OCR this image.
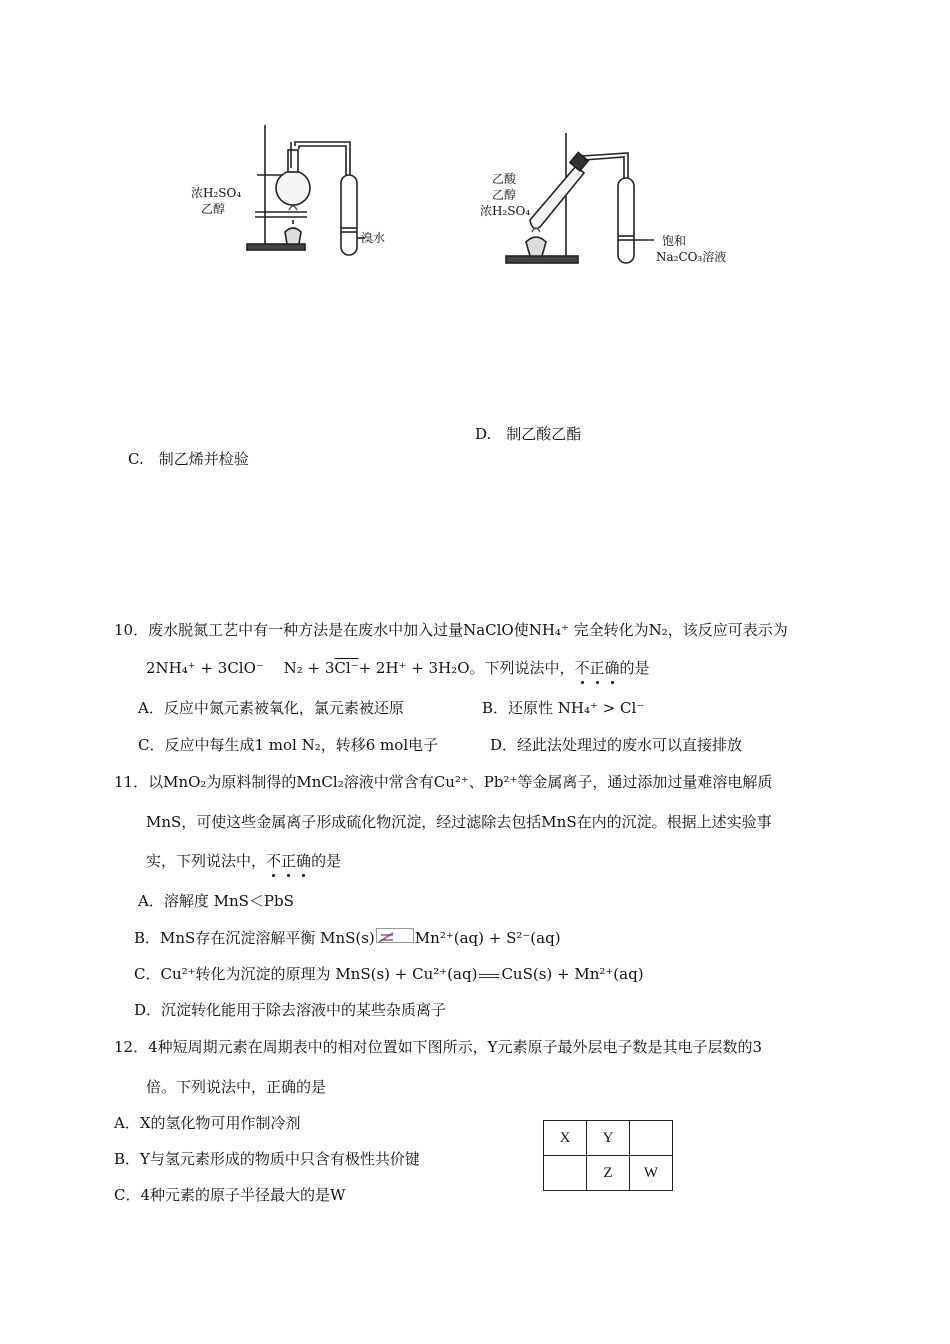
浓H₂SO₄
乙醇
溴水
乙酸
乙醇
浓H₂SO₄
饱和
Na₂CO₃溶液
D.　制乙酸乙酯
C.　制乙烯并检验
10．废水脱氮工艺中有一种方法是在废水中加入过量NaClO使NH₄⁺ 完全转化为N₂，该反应可表示为
2NH₄⁺ + 3ClO⁻　 N₂ + 3Cl⁻+ 2H⁺ + 3H₂O。下列说法中，不正确的是
A．反应中氮元素被氧化，氯元素被还原	B．还原性 NH₄⁺ > Cl⁻
C．反应中每生成1 mol N₂，转移6 mol电子	D．经此法处理过的废水可以直接排放
11．以MnO₂为原料制得的MnCl₂溶液中常含有Cu²⁺、Pb²⁺等金属离子，通过添加过量难溶电解质
MnS，可使这些金属离子形成硫化物沉淀，经过滤除去包括MnS在内的沉淀。根据上述实验事
实，下列说法中，不正确的是
A．溶解度 MnS＜PbS
B．MnS存在沉淀溶解平衡 MnS(s)	Mn²⁺(aq) + S²⁻(aq)
C．Cu²⁺转化为沉淀的原理为 MnS(s) + Cu²⁺(aq) CuS(s) + Mn²⁺(aq)
D．沉淀转化能用于除去溶液中的某些杂质离子
12．4种短周期元素在周期表中的相对位置如下图所示，Y元素原子最外层电子数是其电子层数的3
倍。下列说法中，正确的是
A．X的氢化物可用作制冷剂
B．Y与氢元素形成的物质中只含有极性共价键
C．4种元素的原子半径最大的是W
X	Y	
	Z	W
